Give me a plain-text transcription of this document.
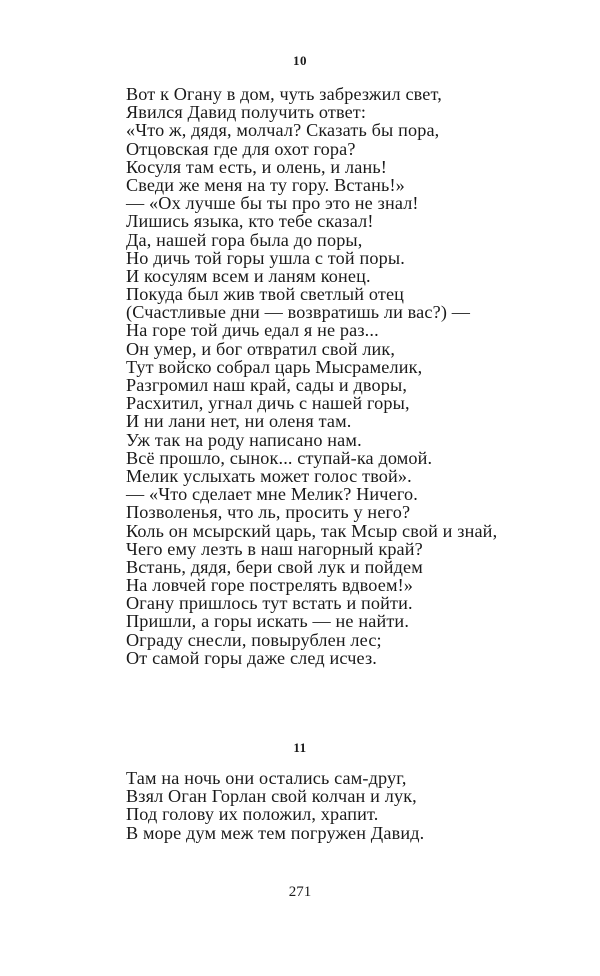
10
Вот к Огану в дом, чуть забрезжил свет,
Явился Давид получить ответ:
«Что ж, дядя, молчал? Сказать бы пора,
Отцовская где для охот гора?
Косуля там есть, и олень, и лань!
Сведи же меня на ту гору. Встань!»
— «Ох лучше бы ты про это не знал!
Лишись языка, кто тебе сказал!
Да, нашей гора была до поры,
Но дичь той горы ушла с той поры.
И косулям всем и ланям конец.
Покуда был жив твой светлый отец
(Счастливые дни — возвратишь ли вас?) —
На горе той дичь едал я не раз...
Он умер, и бог отвратил свой лик,
Тут войско собрал царь Мысрамелик,
Разгромил наш край, сады и дворы,
Расхитил, угнал дичь с нашей горы,
И ни лани нет, ни оленя там.
Уж так на роду написано нам.
Всё прошло, сынок... ступай-ка домой.
Мелик услыхать может голос твой».
— «Что сделает мне Мелик? Ничего.
Позволенья, что ль, просить у него?
Коль он мсырский царь, так Мсыр свой и знай,
Чего ему лезть в наш нагорный край?
Встань, дядя, бери свой лук и пойдем
На ловчей горе пострелять вдвоем!»
Огану пришлось тут встать и пойти.
Пришли, а горы искать — не найти.
Ограду снесли, повырублен лес;
От самой горы даже след исчез.
11
Там на ночь они остались сам-друг,
Взял Оган Горлан свой колчан и лук,
Под голову их положил, храпит.
В море дум меж тем погружен Давид.
271
